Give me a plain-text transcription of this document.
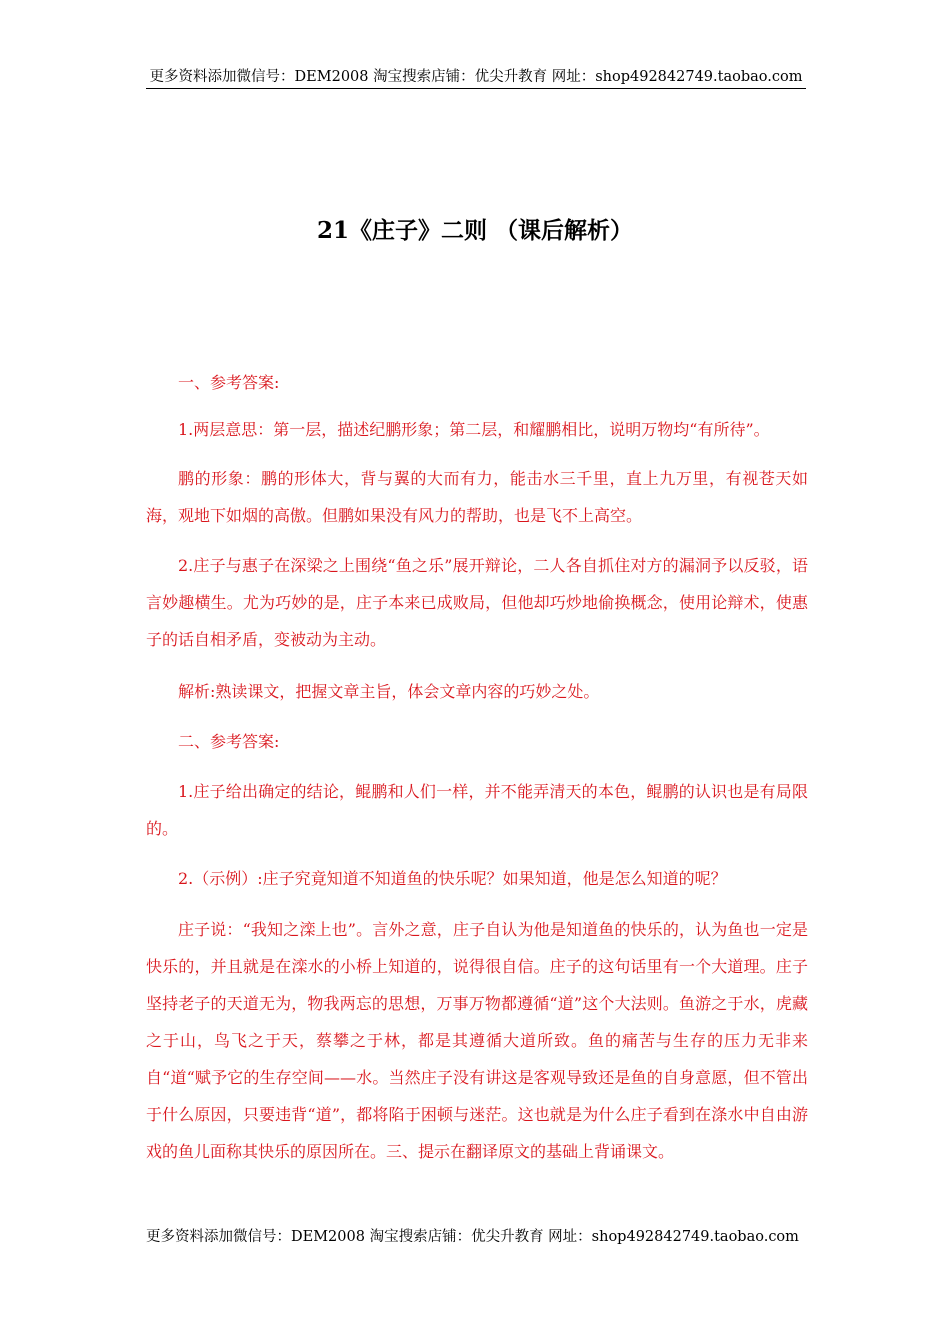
更多资料添加微信号：DEM2008 淘宝搜索店铺：优尖升教育 网址：shop492842749.taobao.com
21《庄子》二则 （课后解析）

一、参考答案:

1.两层意思：第一层，描述纪鹏形象；第二层，和耀鹏相比，说明万物均“有所待”。

鹏的形象：鹏的形体大，背与翼的大而有力，能击水三千里，直上九万里，有视苍天如海，观地下如烟的高傲。但鹏如果没有风力的帮助，也是飞不上高空。

2.庄子与惠子在深梁之上围绕“鱼之乐”展开辩论，二人各自抓住对方的漏洞予以反驳，语言妙趣横生。尤为巧妙的是，庄子本来已成败局，但他却巧炒地偷换概念，使用论辩术，使惠子的话自相矛盾，变被动为主动。

解析:熟读课文，把握文章主旨，体会文章内容的巧妙之处。

二、参考答案:

1.庄子给出确定的结论，鲲鹏和人们一样，并不能弄清天的本色，鲲鹏的认识也是有局限的。

2.（示例）:庄子究竟知道不知道鱼的快乐呢？如果知道，他是怎么知道的呢？

庄子说：“我知之滦上也”。言外之意，庄子自认为他是知道鱼的快乐的，认为鱼也一定是快乐的，并且就是在滦水的小桥上知道的，说得很自信。庄子的这句话里有一个大道理。庄子坚持老子的天道无为，物我两忘的思想，万事万物都遵循“道”这个大法则。鱼游之于水，虎藏之于山，鸟飞之于天，蔡攀之于林，都是其遵循大道所致。鱼的痛苦与生存的压力无非来自“道“赋予它的生存空间——水。当然庄子没有讲这是客观导致还是鱼的自身意愿，但不管出于什么原因，只要违背“道”，都将陷于困顿与迷茫。这也就是为什么庄子看到在涤水中自由游戏的鱼儿面称其快乐的原因所在。三、提示在翻译原文的基础上背诵课文。

更多资料添加微信号：DEM2008 淘宝搜索店铺：优尖升教育 网址：shop492842749.taobao.com
